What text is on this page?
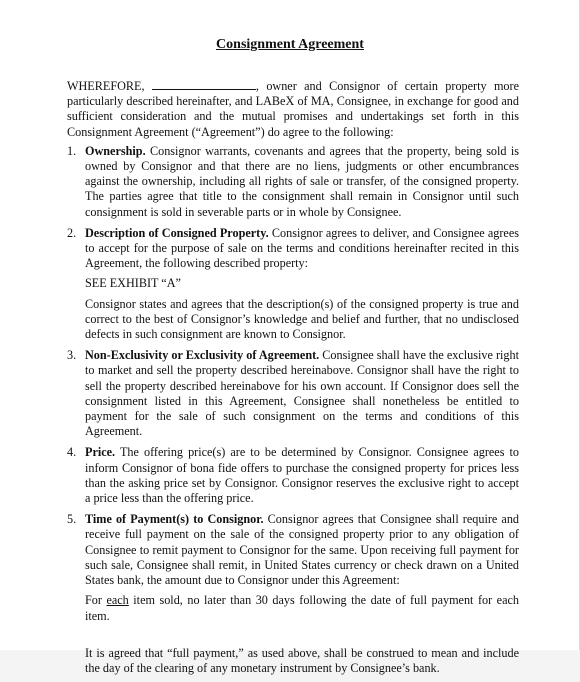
Consignment Agreement

WHEREFORE,	, owner and Consignor of certain property more particularly described hereinafter, and LABeX of MA, Consignee, in exchange for good and sufficient consideration and the mutual promises and undertakings set forth in this Consignment Agreement (“Agreement”) do agree to the following:

1. Ownership. Consignor warrants, covenants and agrees that the property, being sold is owned by Consignor and that there are no liens, judgments or other encumbrances against the ownership, including all rights of sale or transfer, of the consigned property. The parties agree that title to the consignment shall remain in Consignor until such consignment is sold in severable parts or in whole by Consignee.

2. Description of Consigned Property. Consignor agrees to deliver, and Consignee agrees to accept for the purpose of sale on the terms and conditions hereinafter recited in this Agreement, the following described property:

SEE EXHIBIT “A”

Consignor states and agrees that the description(s) of the consigned property is true and correct to the best of Consignor’s knowledge and belief and further, that no undisclosed defects in such consignment are known to Consignor.

3. Non-Exclusivity or Exclusivity of Agreement. Consignee shall have the exclusive right to market and sell the property described hereinabove. Consignor shall have the right to sell the property described hereinabove for his own account. If Consignor does sell the consignment listed in this Agreement, Consignee shall nonetheless be entitled to payment for the sale of such consignment on the terms and conditions of this Agreement.

4. Price. The offering price(s) are to be determined by Consignor. Consignee agrees to inform Consignor of bona fide offers to purchase the consigned property for prices less than the asking price set by Consignor. Consignor reserves the exclusive right to accept a price less than the offering price.

5. Time of Payment(s) to Consignor. Consignor agrees that Consignee shall require and receive full payment on the sale of the consigned property prior to any obligation of Consignee to remit payment to Consignor for the same. Upon receiving full payment for such sale, Consignee shall remit, in United States currency or check drawn on a United States bank, the amount due to Consignor under this Agreement:

For each item sold, no later than 30 days following the date of full payment for each item.

It is agreed that “full payment,” as used above, shall be construed to mean and include the day of the clearing of any monetary instrument by Consignee’s bank.
